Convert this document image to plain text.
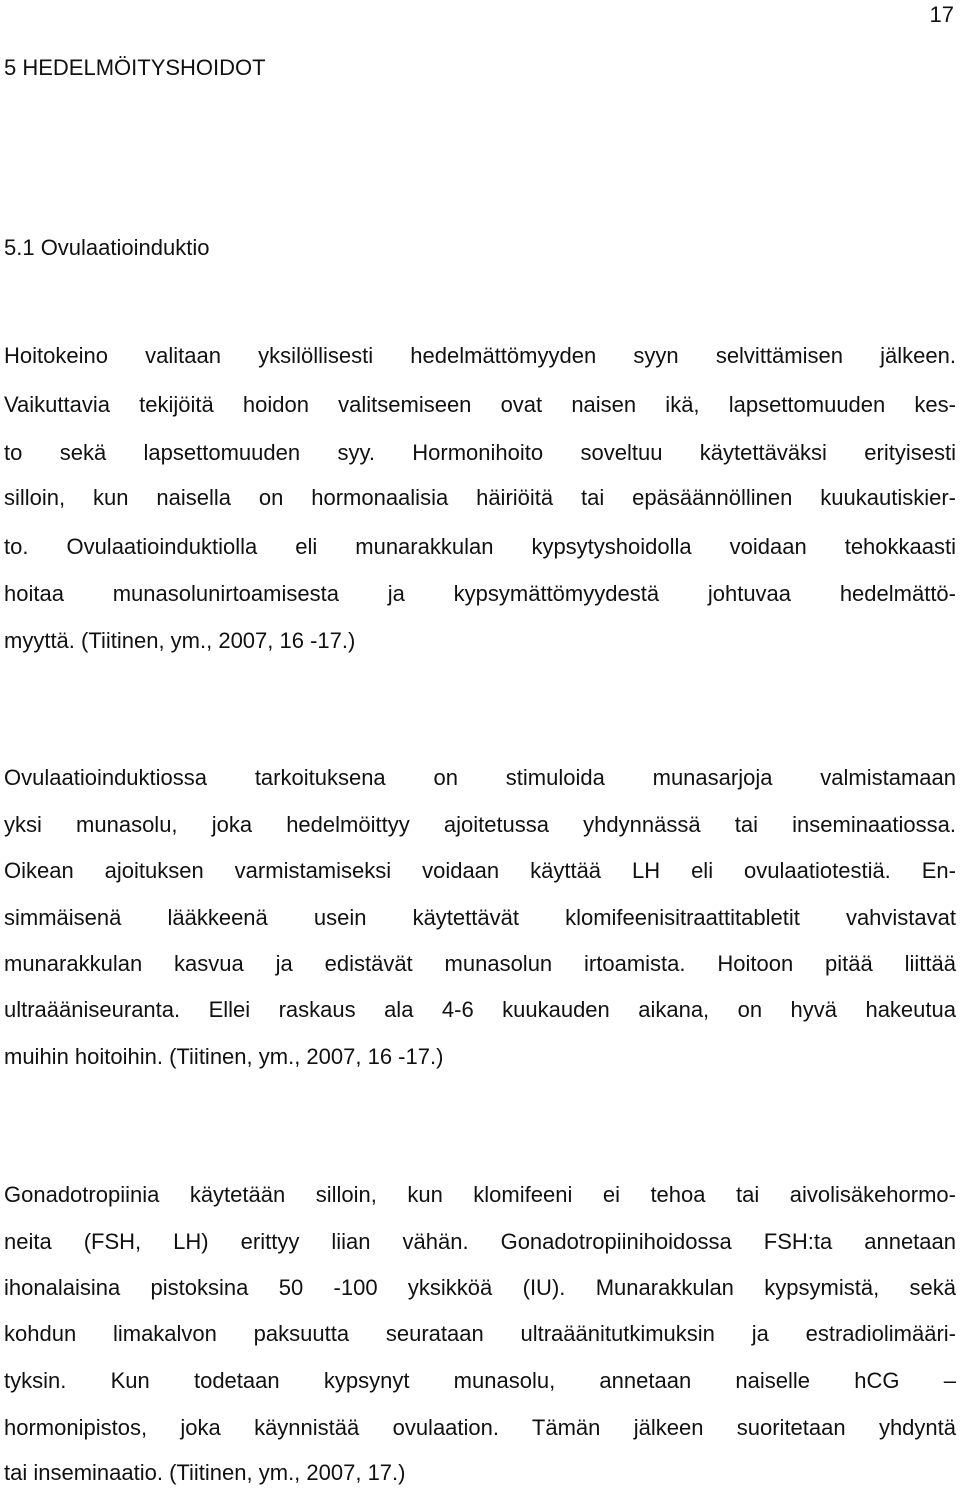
17
5 HEDELMÖITYSHOIDOT
5.1 Ovulaatioinduktio
Hoitokeino valitaan yksilöllisesti hedelmättömyyden syyn selvittämisen jälkeen.
Vaikuttavia tekijöitä hoidon valitsemiseen ovat naisen ikä, lapsettomuuden kes-
to sekä lapsettomuuden syy. Hormonihoito soveltuu käytettäväksi erityisesti
silloin, kun naisella on hormonaalisia häiriöitä tai epäsäännöllinen kuukautiskier-
to. Ovulaatioinduktiolla eli munarakkulan kypsytyshoidolla voidaan tehokkaasti
hoitaa munasolunirtoamisesta ja kypsymättömyydestä johtuvaa hedelmättö-
myyttä. (Tiitinen, ym., 2007, 16 -17.)
Ovulaatioinduktiossa tarkoituksena on stimuloida munasarjoja valmistamaan
yksi munasolu, joka hedelmöittyy ajoitetussa yhdynnässä tai inseminaatiossa.
Oikean ajoituksen varmistamiseksi voidaan käyttää LH eli ovulaatiotestiä. En-
simmäisenä lääkkeenä usein käytettävät klomifeenisitraattitabletit vahvistavat
munarakkulan kasvua ja edistävät munasolun irtoamista. Hoitoon pitää liittää
ultraääniseuranta. Ellei raskaus ala 4-6 kuukauden aikana, on hyvä hakeutua
muihin hoitoihin. (Tiitinen, ym., 2007, 16 -17.)
Gonadotropiinia käytetään silloin, kun klomifeeni ei tehoa tai aivolisäkehormo-
neita (FSH, LH) erittyy liian vähän. Gonadotropiinihoidossa FSH:ta annetaan
ihonalaisina pistoksina 50 -100 yksikköä (IU). Munarakkulan kypsymistä, sekä
kohdun limakalvon paksuutta seurataan ultraäänitutkimuksin ja estradiolimääri-
tyksin. Kun todetaan kypsynyt munasolu, annetaan naiselle hCG –
hormonipistos, joka käynnistää ovulaation. Tämän jälkeen suoritetaan yhdyntä
tai inseminaatio. (Tiitinen, ym., 2007, 17.)
